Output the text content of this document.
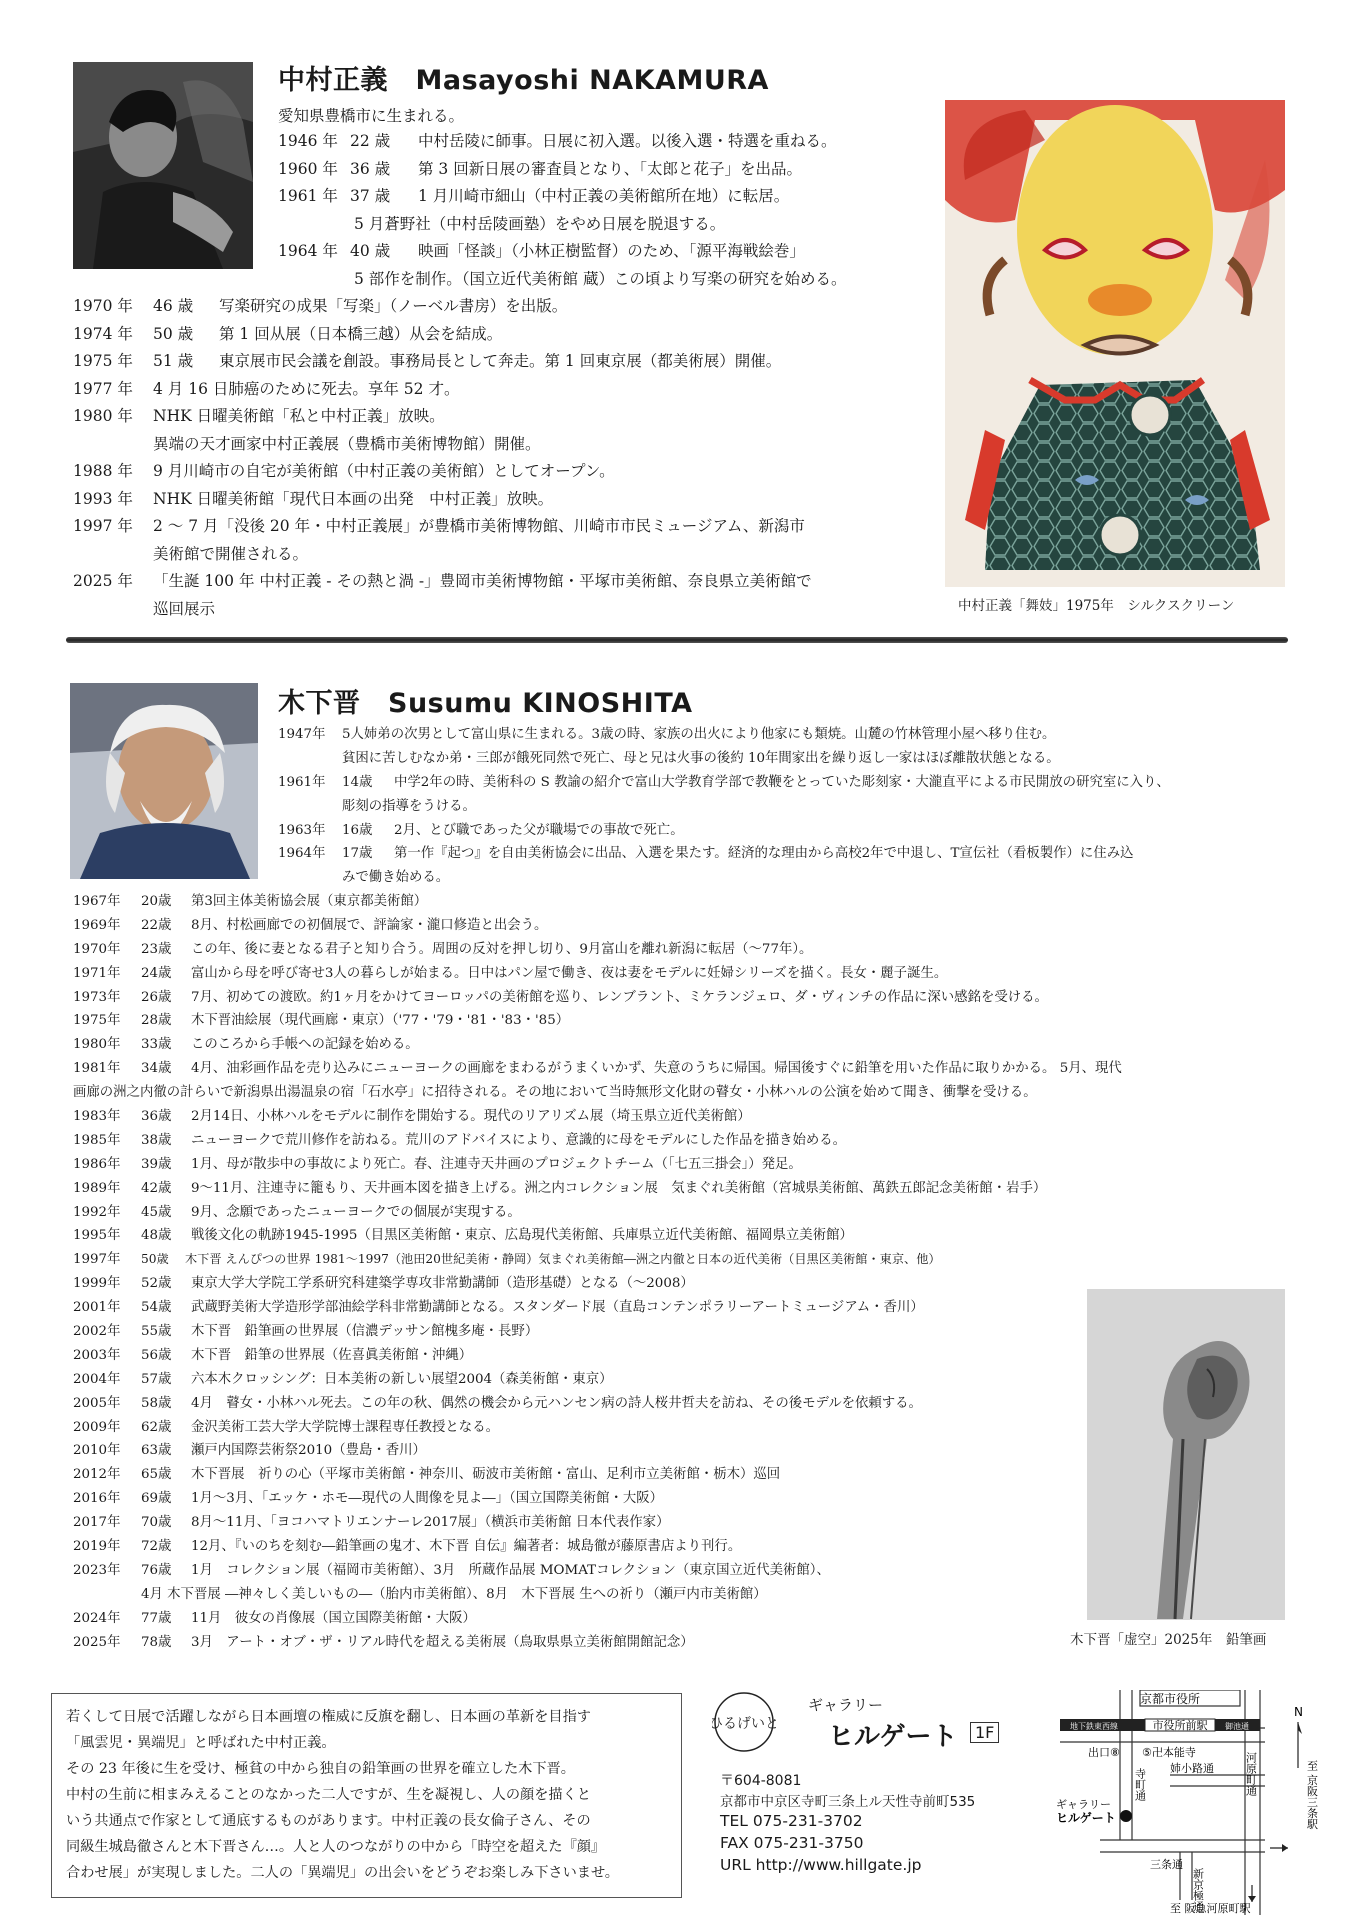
中村正義　Masayoshi NAKAMURA
愛知県豊橋市に生まれる。
1946 年 22 歳 中村岳陵に師事。日展に初入選。以後入選・特選を重ねる。
1960 年 36 歳 第 3 回新日展の審査員となり、「太郎と花子」を出品。
1961 年 37 歳 1 月川崎市細山（中村正義の美術館所在地）に転居。
5 月蒼野社（中村岳陵画塾）をやめ日展を脱退する。
1964 年 40 歳 映画「怪談」（小林正樹監督）のため、「源平海戦絵巻」
5 部作を制作。（国立近代美術館 蔵）この頃より写楽の研究を始める。
1970 年 46 歳 写楽研究の成果「写楽」（ノーベル書房）を出版。
1974 年 50 歳 第 1 回从展（日本橋三越）从会を結成。
1975 年 51 歳 東京展市民会議を創設。事務局長として奔走。第 1 回東京展（都美術展）開催。
1977 年 4 月 16 日肺癌のために死去。享年 52 才。
1980 年 NHK 日曜美術館「私と中村正義」放映。
異端の天才画家中村正義展（豊橋市美術博物館）開催。
1988 年 9 月川崎市の自宅が美術館（中村正義の美術館）としてオープン。
1993 年 NHK 日曜美術館「現代日本画の出発　中村正義」放映。
1997 年 2 ～ 7 月「没後 20 年・中村正義展」が豊橋市美術博物館、川崎市市民ミュージアム、新潟市
美術館で開催される。
2025 年 「生誕 100 年 中村正義 - その熱と渦 -」豊岡市美術博物館・平塚市美術館、奈良県立美術館で
巡回展示	中村正義「舞妓」1975年　シルクスクリーン
木下晋　Susumu KINOSHITA
1947年 5人姉弟の次男として富山県に生まれる。3歳の時、家族の出火により他家にも類焼。山麓の竹林管理小屋へ移り住む。
貧困に苦しむなか弟・三郎が餓死同然で死亡、母と兄は火事の後約 10年間家出を繰り返し一家はほぼ離散状態となる。
1961年 14歳 中学2年の時、美術科の S 教諭の紹介で富山大学教育学部で教鞭をとっていた彫刻家・大瀧直平による市民開放の研究室に入り、
彫刻の指導をうける。
1963年 16歳 2月、とび職であった父が職場での事故で死亡。
1964年 17歳 第一作『起つ』を自由美術協会に出品、入選を果たす。経済的な理由から高校2年で中退し、T宣伝社（看板製作）に住み込
みで働き始める。
1967年 20歳 第3回主体美術協会展（東京都美術館）
1969年 22歳 8月、村松画廊での初個展で、評論家・瀧口修造と出会う。
1970年 23歳 この年、後に妻となる君子と知り合う。周囲の反対を押し切り、9月富山を離れ新潟に転居（～77年）。
1971年 24歳 富山から母を呼び寄せ3人の暮らしが始まる。日中はパン屋で働き、夜は妻をモデルに妊婦シリーズを描く。長女・麗子誕生。
1973年 26歳 7月、初めての渡欧。約1ヶ月をかけてヨーロッパの美術館を巡り、レンブラント、ミケランジェロ、ダ・ヴィンチの作品に深い感銘を受ける。
1975年 28歳 木下晋油絵展（現代画廊・東京）（'77・'79・'81・'83・'85）
1980年 33歳 このころから手帳への記録を始める。
1981年 34歳 4月、油彩画作品を売り込みにニューヨークの画廊をまわるがうまくいかず、失意のうちに帰国。帰国後すぐに鉛筆を用いた作品に取りかかる。 5月、現代
画廊の洲之内徹の計らいで新潟県出湯温泉の宿「石水亭」に招待される。その地において当時無形文化財の瞽女・小林ハルの公演を始めて聞き、衝撃を受ける。
1983年 36歳 2月14日、小林ハルをモデルに制作を開始する。現代のリアリズム展（埼玉県立近代美術館）
1985年 38歳 ニューヨークで荒川修作を訪ねる。荒川のアドバイスにより、意識的に母をモデルにした作品を描き始める。
1986年 39歳 1月、母が散歩中の事故により死亡。春、注連寺天井画のプロジェクトチーム（「七五三掛会」）発足。
1989年 42歳 9～11月、注連寺に籠もり、天井画本図を描き上げる。洲之内コレクション展　気まぐれ美術館（宮城県美術館、萬鉄五郎記念美術館・岩手）
1992年 45歳 9月、念願であったニューヨークでの個展が実現する。
1995年 48歳 戦後文化の軌跡1945-1995（目黒区美術館・東京、広島現代美術館、兵庫県立近代美術館、福岡県立美術館）
1997年 50歳 木下晋 えんぴつの世界 1981～1997（池田20世紀美術・静岡）気まぐれ美術館―洲之内徹と日本の近代美術（目黒区美術館・東京、他）
1999年 52歳 東京大学大学院工学系研究科建築学専攻非常勤講師（造形基礎）となる（～2008）
2001年 54歳 武蔵野美術大学造形学部油絵学科非常勤講師となる。スタンダード展（直島コンテンポラリーアートミュージアム・香川）
2002年 55歳 木下晋　鉛筆画の世界展（信濃デッサン館槐多庵・長野）
2003年 56歳 木下晋　鉛筆の世界展（佐喜眞美術館・沖縄）
2004年 57歳 六本木クロッシング：日本美術の新しい展望2004（森美術館・東京）
2005年 58歳 4月　瞽女・小林ハル死去。この年の秋、偶然の機会から元ハンセン病の詩人桜井哲夫を訪ね、その後モデルを依頼する。
2009年 62歳 金沢美術工芸大学大学院博士課程専任教授となる。
2010年 63歳 瀬戸内国際芸術祭2010（豊島・香川）
2012年 65歳 木下晋展　祈りの心（平塚市美術館・神奈川、砺波市美術館・富山、足利市立美術館・栃木）巡回
2016年 69歳 1月～3月、「エッケ・ホモ―現代の人間像を見よ―」（国立国際美術館・大阪）
2017年 70歳 8月～11月、「ヨコハマトリエンナーレ2017展」（横浜市美術館 日本代表作家）
2019年 72歳 12月、『いのちを刻む―鉛筆画の鬼才、木下晋 自伝』編著者：城島徹が藤原書店より刊行。
2023年 76歳 1月　コレクション展（福岡市美術館）、3月　所蔵作品展 MOMATコレクション（東京国立近代美術館）、
4月 木下晋展 ―神々しく美しいもの―（胎内市美術館）、8月　木下晋展 生への祈り（瀬戸内市美術館）
2024年 77歳 11月　彼女の肖像展（国立国際美術館・大阪）
2025年 78歳 3月　アート・オブ・ザ・リアル時代を超える美術展（鳥取県県立美術館開館記念）	木下晋「虚空」2025年　鉛筆画
若くして日展で活躍しながら日本画壇の権威に反旗を翻し、日本画の革新を目指す
「風雲児・異端児」と呼ばれた中村正義。
その 23 年後に生を受け、極貧の中から独自の鉛筆画の世界を確立した木下晋。
中村の生前に相まみえることのなかった二人ですが、生を凝視し、人の顔を描くと
いう共通点で作家として通底するものがあります。中村正義の長女倫子さん、その
同級生城島徹さんと木下晋さん…。人と人のつながりの中から「時空を超えた『顔』
合わせ展」が実現しました。二人の「異端児」の出会いをどうぞお楽しみ下さいませ。
ひるげいと
ギャラリー
ヒルゲート	1F
〒604-8081
京都市中京区寺町三条上ル天性寺前町535
TEL 075-231-3702
FAX 075-231-3750
URL http://www.hillgate.jp
京都市役所
地下鉄東西線	市役所前駅 御池通
出口⑧ ⑤卍本能寺
姉小路通
寺町通	河原町通
ギャラリー
ヒルゲート
三条通
新京極通
至 京阪三条駅
至 阪急河原町駅
N
